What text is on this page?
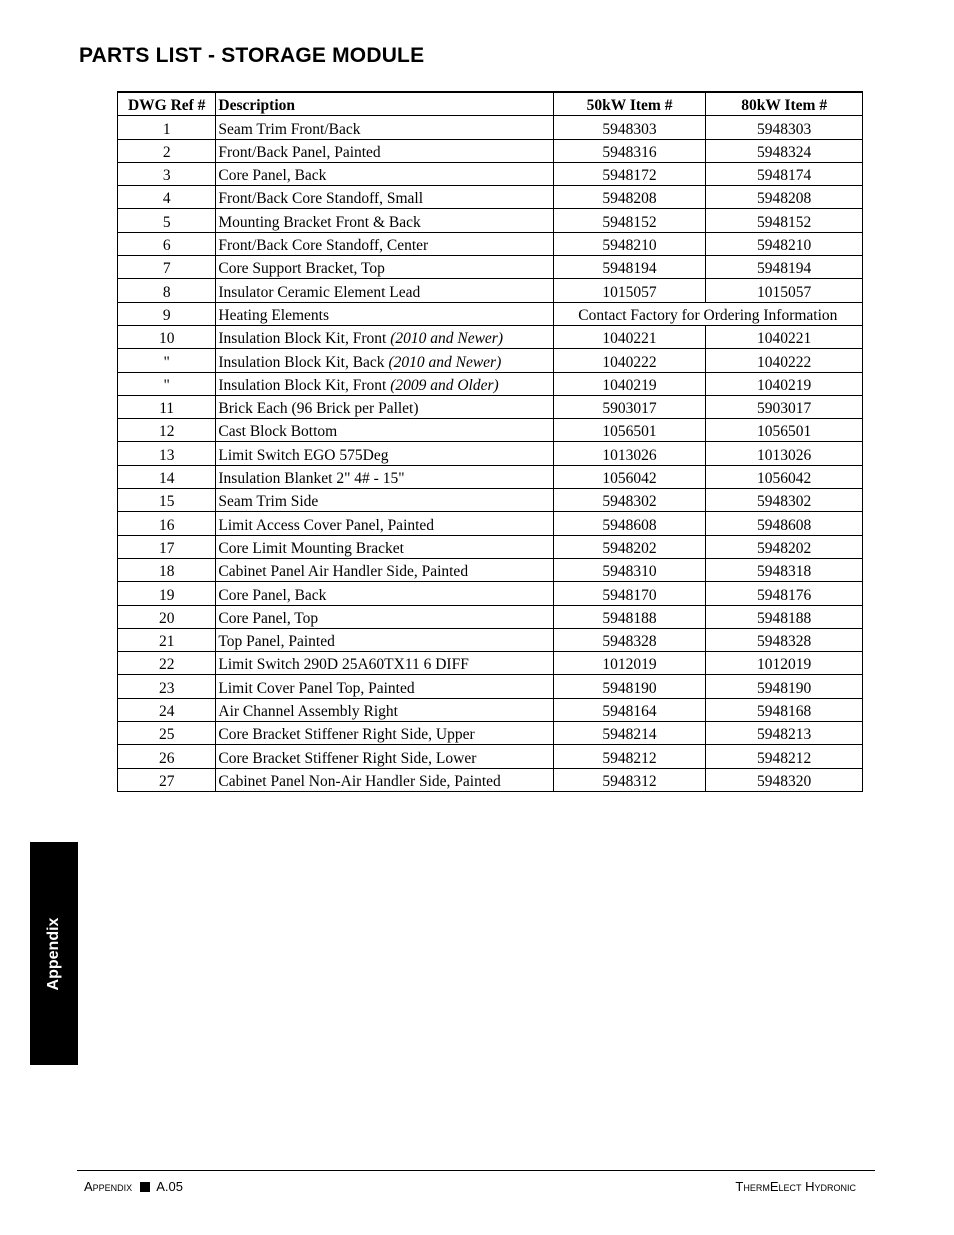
PARTS LIST - STORAGE MODULE
DWG Ref #	Description	50kW Item #	80kW Item #
1	Seam Trim Front/Back	5948303	5948303
2	Front/Back Panel, Painted	5948316	5948324
3	Core Panel, Back	5948172	5948174
4	Front/Back Core Standoff, Small	5948208	5948208
5	Mounting Bracket Front & Back	5948152	5948152
6	Front/Back Core Standoff, Center	5948210	5948210
7	Core Support Bracket, Top	5948194	5948194
8	Insulator Ceramic Element Lead	1015057	1015057
9	Heating Elements	Contact Factory for Ordering Information	
10	Insulation Block Kit, Front (2010 and Newer)	1040221	1040221
"	Insulation Block Kit, Back (2010 and Newer)	1040222	1040222
"	Insulation Block Kit, Front (2009 and Older)	1040219	1040219
11	Brick Each (96 Brick per Pallet)	5903017	5903017
12	Cast Block Bottom	1056501	1056501
13	Limit Switch EGO 575Deg	1013026	1013026
14	Insulation Blanket 2" 4# - 15"	1056042	1056042
15	Seam Trim Side	5948302	5948302
16	Limit Access Cover Panel, Painted	5948608	5948608
17	Core Limit Mounting Bracket	5948202	5948202
18	Cabinet Panel Air Handler Side, Painted	5948310	5948318
19	Core Panel, Back	5948170	5948176
20	Core Panel, Top	5948188	5948188
21	Top Panel, Painted	5948328	5948328
22	Limit Switch 290D 25A60TX11 6 DIFF	1012019	1012019
23	Limit Cover Panel Top, Painted	5948190	5948190
24	Air Channel Assembly Right	5948164	5948168
25	Core Bracket Stiffener Right Side, Upper	5948214	5948213
26	Core Bracket Stiffener Right Side, Lower	5948212	5948212
27	Cabinet Panel Non-Air Handler Side, Painted	5948312	5948320
Appendix
Appendix A.05	ThermElect Hydronic
